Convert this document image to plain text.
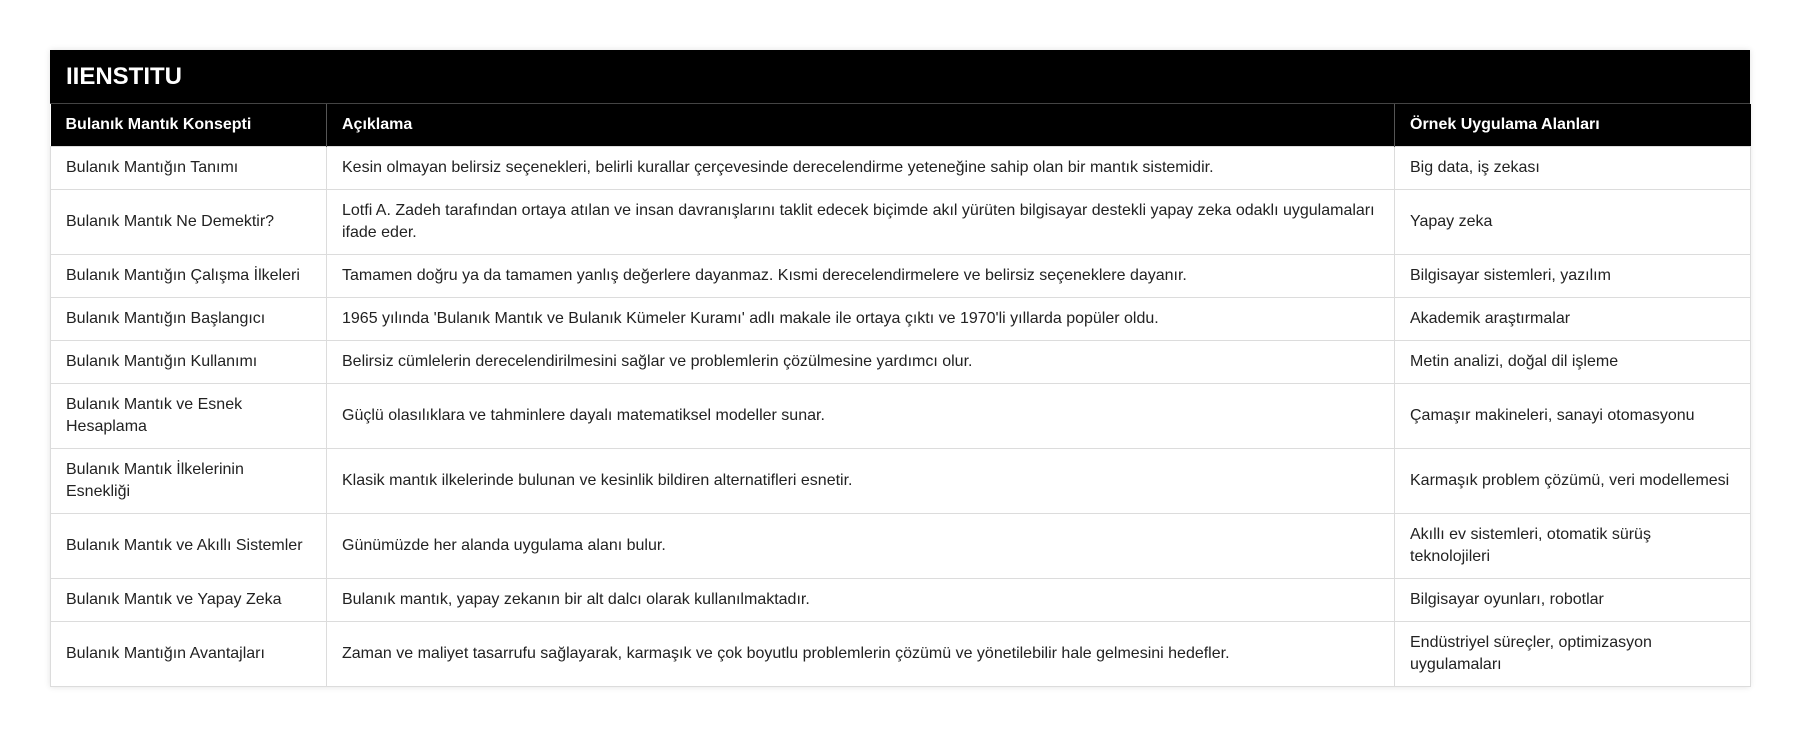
IIENSTITU
Bulanık Mantık Konsepti	Açıklama	Örnek Uygulama Alanları
Bulanık Mantığın Tanımı	Kesin olmayan belirsiz seçenekleri, belirli kurallar çerçevesinde derecelendirme yeteneğine sahip olan bir mantık sistemidir.	Big data, iş zekası
Bulanık Mantık Ne Demektir?	Lotfi A. Zadeh tarafından ortaya atılan ve insan davranışlarını taklit edecek biçimde akıl yürüten bilgisayar destekli yapay zeka odaklı uygulamaları ifade eder.	Yapay zeka
Bulanık Mantığın Çalışma İlkeleri	Tamamen doğru ya da tamamen yanlış değerlere dayanmaz. Kısmi derecelendirmelere ve belirsiz seçeneklere dayanır.	Bilgisayar sistemleri, yazılım
Bulanık Mantığın Başlangıcı	1965 yılında 'Bulanık Mantık ve Bulanık Kümeler Kuramı' adlı makale ile ortaya çıktı ve 1970'li yıllarda popüler oldu.	Akademik araştırmalar
Bulanık Mantığın Kullanımı	Belirsiz cümlelerin derecelendirilmesini sağlar ve problemlerin çözülmesine yardımcı olur.	Metin analizi, doğal dil işleme
Bulanık Mantık ve Esnek Hesaplama	Güçlü olasılıklara ve tahminlere dayalı matematiksel modeller sunar.	Çamaşır makineleri, sanayi otomasyonu
Bulanık Mantık İlkelerinin Esnekliği	Klasik mantık ilkelerinde bulunan ve kesinlik bildiren alternatifleri esnetir.	Karmaşık problem çözümü, veri modellemesi
Bulanık Mantık ve Akıllı Sistemler	Günümüzde her alanda uygulama alanı bulur.	Akıllı ev sistemleri, otomatik sürüş teknolojileri
Bulanık Mantık ve Yapay Zeka	Bulanık mantık, yapay zekanın bir alt dalcı olarak kullanılmaktadır.	Bilgisayar oyunları, robotlar
Bulanık Mantığın Avantajları	Zaman ve maliyet tasarrufu sağlayarak, karmaşık ve çok boyutlu problemlerin çözümü ve yönetilebilir hale gelmesini hedefler.	Endüstriyel süreçler, optimizasyon uygulamaları
